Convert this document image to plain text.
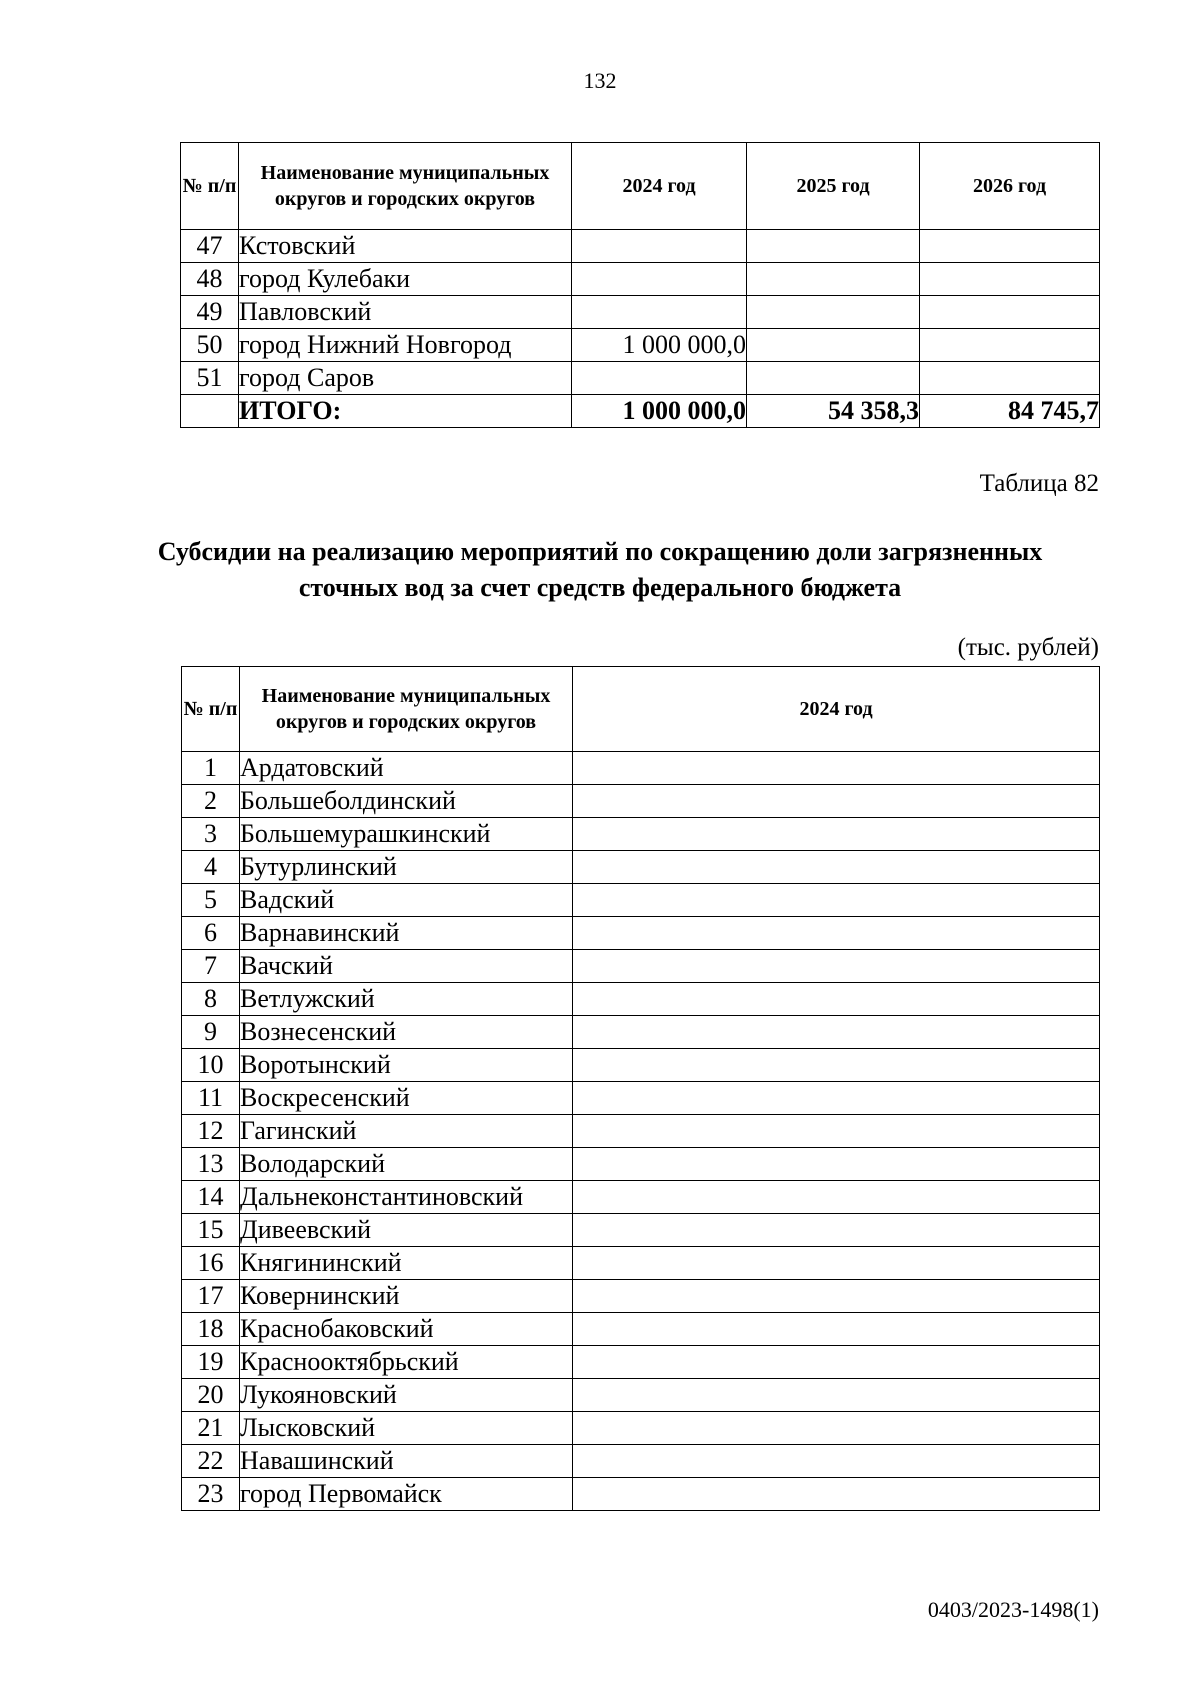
132
№ п/п	Наименование муниципальных округов и городских округов	2024 год	2025 год	2026 год
47	Кстовский			
48	город Кулебаки			
49	Павловский			
50	город Нижний Новгород	1 000 000,0		
51	город Саров			
	ИТОГО:	1 000 000,0	54 358,3	84 745,7
Таблица 82
Субсидии на реализацию мероприятий по сокращению доли загрязненных сточных вод за счет средств федерального бюджета
(тыс. рублей)
№ п/п	Наименование муниципальных округов и городских округов	2024 год
1	Ардатовский	
2	Большеболдинский	
3	Большемурашкинский	
4	Бутурлинский	
5	Вадский	
6	Варнавинский	
7	Вачский	
8	Ветлужский	
9	Вознесенский	
10	Воротынский	
11	Воскресенский	
12	Гагинский	
13	Володарский	
14	Дальнеконстантиновский	
15	Дивеевский	
16	Княгининский	
17	Ковернинский	
18	Краснобаковский	
19	Краснооктябрьский	
20	Лукояновский	
21	Лысковский	
22	Навашинский	
23	город Первомайск	
0403/2023-1498(1)
